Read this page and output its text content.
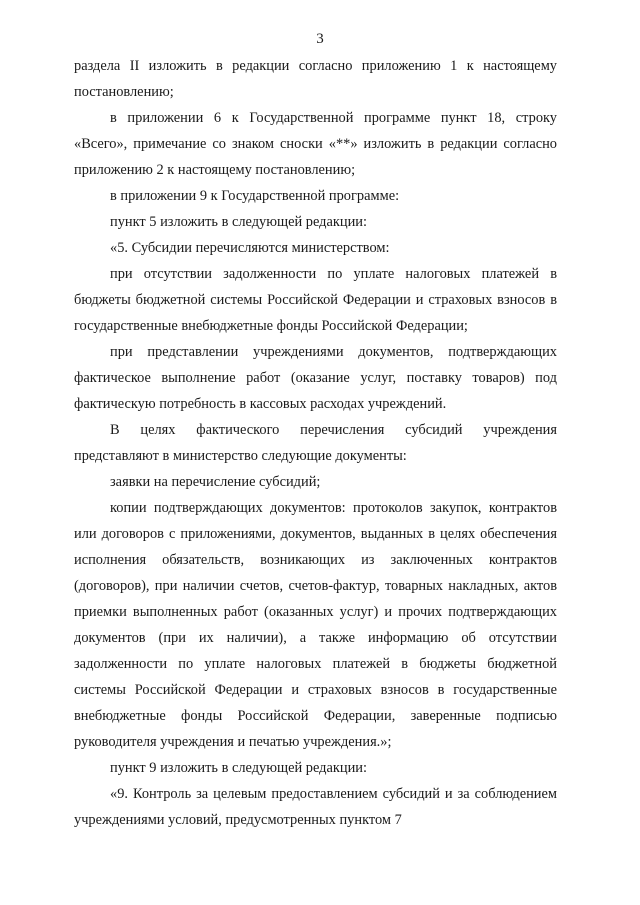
3

раздела II изложить в редакции согласно приложению 1 к настоящему постановлению;

в приложении 6 к Государственной программе пункт 18, строку «Всего», примечание со знаком сноски «**» изложить в редакции согласно приложению 2 к настоящему постановлению;

в приложении 9 к Государственной программе:

пункт 5 изложить в следующей редакции:

«5. Субсидии перечисляются министерством:

при отсутствии задолженности по уплате налоговых платежей в бюджеты бюджетной системы Российской Федерации и страховых взносов в государственные внебюджетные фонды Российской Федерации;

при представлении учреждениями документов, подтверждающих фактическое выполнение работ (оказание услуг, поставку товаров) под фактическую потребность в кассовых расходах учреждений.

В целях фактического перечисления субсидий учреждения представляют в министерство следующие документы:

заявки на перечисление субсидий;

копии подтверждающих документов: протоколов закупок, контрактов или договоров с приложениями, документов, выданных в целях обеспечения исполнения обязательств, возникающих из заключенных контрактов (договоров), при наличии счетов, счетов-фактур, товарных накладных, актов приемки выполненных работ (оказанных услуг) и прочих подтверждающих документов (при их наличии), а также информацию об отсутствии задолженности по уплате налоговых платежей в бюджеты бюджетной системы Российской Федерации и страховых взносов в государственные внебюджетные фонды Российской Федерации, заверенные подписью руководителя учреждения и печатью учреждения.»;

пункт 9 изложить в следующей редакции:

«9. Контроль за целевым предоставлением субсидий и за соблюдением учреждениями условий, предусмотренных пунктом 7
